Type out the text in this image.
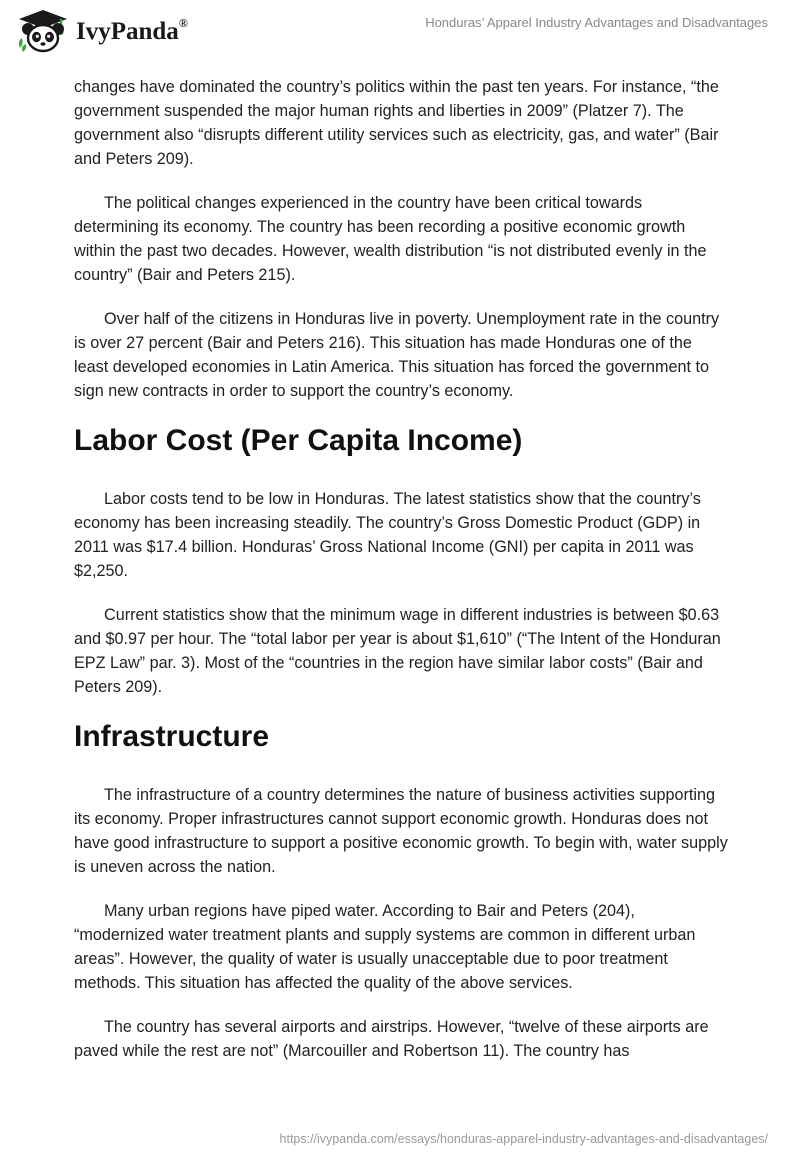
IvyPanda®	Honduras’ Apparel Industry Advantages and Disadvantages

changes have dominated the country’s politics within the past ten years. For instance, “the government suspended the major human rights and liberties in 2009” (Platzer 7). The government also “disrupts different utility services such as electricity, gas, and water” (Bair and Peters 209).

The political changes experienced in the country have been critical towards determining its economy. The country has been recording a positive economic growth within the past two decades. However, wealth distribution “is not distributed evenly in the country” (Bair and Peters 215).

Over half of the citizens in Honduras live in poverty. Unemployment rate in the country is over 27 percent (Bair and Peters 216). This situation has made Honduras one of the least developed economies in Latin America. This situation has forced the government to sign new contracts in order to support the country’s economy.

Labor Cost (Per Capita Income)

Labor costs tend to be low in Honduras. The latest statistics show that the country’s economy has been increasing steadily. The country’s Gross Domestic Product (GDP) in 2011 was $17.4 billion. Honduras’ Gross National Income (GNI) per capita in 2011 was $2,250.

Current statistics show that the minimum wage in different industries is between $0.63 and $0.97 per hour. The “total labor per year is about $1,610” (“The Intent of the Honduran EPZ Law” par. 3). Most of the “countries in the region have similar labor costs” (Bair and Peters 209).

Infrastructure

The infrastructure of a country determines the nature of business activities supporting its economy. Proper infrastructures cannot support economic growth. Honduras does not have good infrastructure to support a positive economic growth. To begin with, water supply is uneven across the nation.

Many urban regions have piped water. According to Bair and Peters (204), “modernized water treatment plants and supply systems are common in different urban areas”. However, the quality of water is usually unacceptable due to poor treatment methods. This situation has affected the quality of the above services.

The country has several airports and airstrips. However, “twelve of these airports are paved while the rest are not” (Marcouiller and Robertson 11). The country has

https://ivypanda.com/essays/honduras-apparel-industry-advantages-and-disadvantages/
